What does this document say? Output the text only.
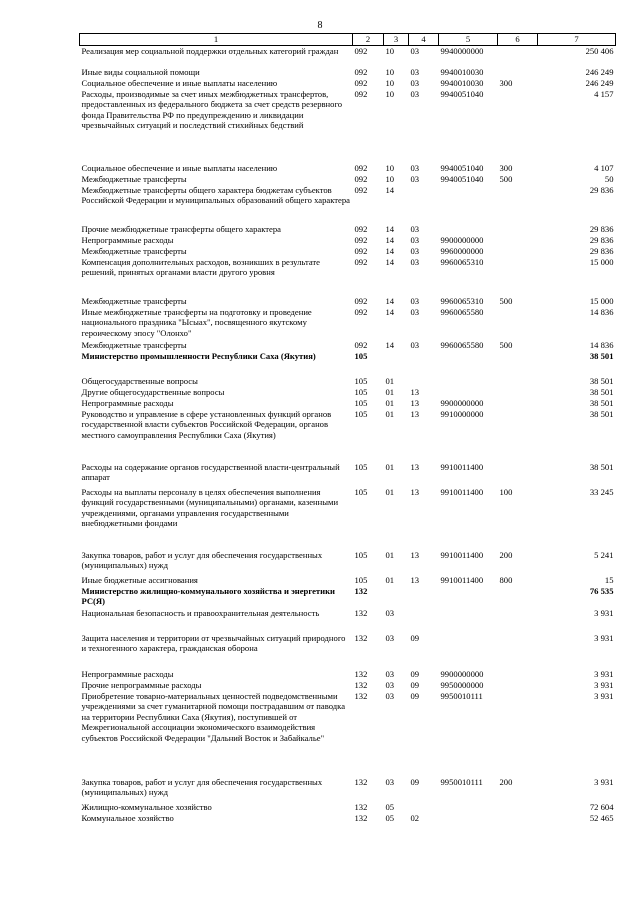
8
1	2	3	4	5	6	7
Реализация мер социальной поддержки отдельных категорий граждан	092	10	03	9940000000		250 406
Иные виды социальной помощи	092	10	03	9940010030		246 249
Социальное обеспечение и иные выплаты населению	092	10	03	9940010030	300	246 249
Расходы, производимые за счет иных межбюджетных трансфертов, предоставленных из федерального бюджета за счет средств резервного фонда Правительства РФ по предупреждению и ликвидации чрезвычайных ситуаций и последствий стихийных бедствий	092	10	03	9940051040		4 157
Социальное обеспечение и иные выплаты населению	092	10	03	9940051040	300	4 107
Межбюджетные трансферты	092	10	03	9940051040	500	50
Межбюджетные трансферты общего характера бюджетам субъектов Российской Федерации и муниципальных образований общего характера	092	14				29 836
Прочие межбюджетные трансферты общего характера	092	14	03			29 836
Непрограммные расходы	092	14	03	9900000000		29 836
Межбюджетные трансферты	092	14	03	9960000000		29 836
Компенсация дополнительных расходов, возникших в результате решений, принятых органами власти другого уровня	092	14	03	9960065310		15 000
Межбюджетные трансферты	092	14	03	9960065310	500	15 000
Иные межбюджетные трансферты на подготовку и проведение национального праздника "Ысыах", посвященного якутскому героическому эпосу "Олонхо"	092	14	03	9960065580		14 836
Межбюджетные трансферты	092	14	03	9960065580	500	14 836
Министерство промышленности Республики Саха (Якутия)	105					38 501
Общегосударственные вопросы	105	01				38 501
Другие общегосударственные вопросы	105	01	13			38 501
Непрограммные расходы	105	01	13	9900000000		38 501
Руководство и управление в сфере установленных функций органов государственной власти субъектов Российской Федерации, органов местного самоуправления Республики Саха (Якутия)	105	01	13	9910000000		38 501
Расходы на содержание органов государственной власти-центральный аппарат	105	01	13	9910011400		38 501
Расходы на выплаты персоналу в целях обеспечения выполнения функций государственными (муниципальными) органами, казенными учреждениями, органами управления государственными внебюджетными фондами	105	01	13	9910011400	100	33 245
Закупка товаров, работ и услуг для обеспечения государственных (муниципальных) нужд	105	01	13	9910011400	200	5 241
Иные бюджетные ассигнования	105	01	13	9910011400	800	15
Министерство жилищно-коммунального хозяйства и энергетики РС(Я)	132					76 535
Национальная безопасность и правоохранительная деятельность	132	03				3 931
Защита населения и территории от чрезвычайных ситуаций природного и техногенного характера, гражданская оборона	132	03	09			3 931
Непрограммные расходы	132	03	09	9900000000		3 931
Прочие непрограммные расходы	132	03	09	9950000000		3 931
Приобретение товарно-материальных ценностей подведомственными учреждениями за счет гуманитарной помощи пострадавшим от паводка на территории Республики Саха (Якутия), поступившей от Межрегиональной ассоциации экономического взаимодействия субъектов Российской Федерации "Дальний Восток и Забайкалье"	132	03	09	9950010111		3 931
Закупка товаров, работ и услуг для обеспечения государственных (муниципальных) нужд	132	03	09	9950010111	200	3 931
Жилищно-коммунальное хозяйство	132	05				72 604
Коммунальное хозяйство	132	05	02			52 465
